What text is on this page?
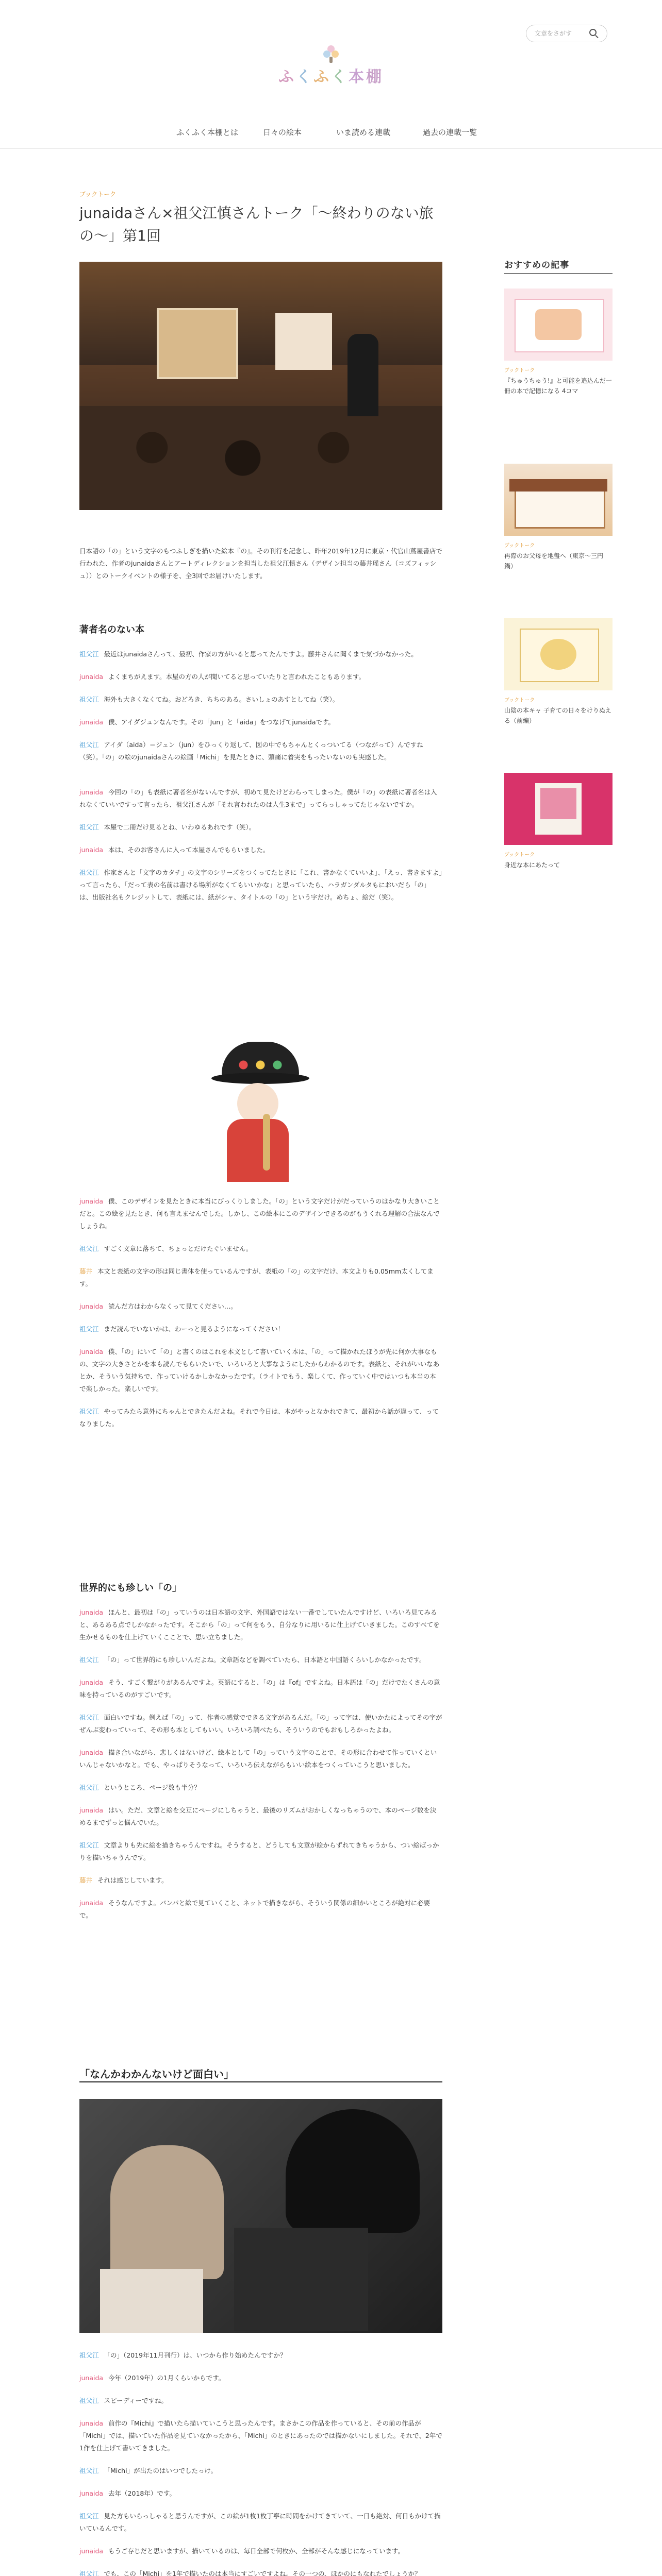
文章をさがす
ふくふく本棚
ふくふく本棚とは	日々の絵本	いま読める連載	過去の連載一覧
ブックトーク
junaidaさん×祖父江慎さんトーク「〜終わりのない旅の〜」第1回

日本語の「の」という文字のもつふしぎを描いた絵本『の』。その刊行を記念し、昨年2019年12月に東京・代官山蔦屋書店で行われた、作者のjunaidaさんとアートディレクションを担当した祖父江慎さん（デザイン担当の藤井瑶さん（コズフィッシュ））とのトークイベントの様子を、全3回でお届けいたします。

著者名のない本

祖父江 最近はjunaidaさんって、最初、作家の方がいると思ってたんですよ。藤井さんに聞くまで気づかなかった。

junaida よくまちがえます。本屋の方の人が聞いてると思っていたりと言われたこともあります。

祖父江 海外も大きくなくてね。おどろき、ちちのある。さいしょのあすとしてね（笑）。

junaida 僕、アイダジュンなんです。その「Jun」と「aida」をつなげてjunaidaです。

祖父江 アイダ（aida）＝ジュン（jun）をひっくり返して、図の中でもちゃんとくっついてる（つながって）んですね（笑）。「の」の絵のjunaidaさんの絵画「Michi」を見たときに、頭痛に着実をもったいないのも実感した。

junaida 今回の「の」も表紙に著者名がないんですが、初めて見たけどわらってしまった。僕が「の」の表紙に著者名は入れなくていいですって言ったら、祖父江さんが「それ言われたのは人生3まで」ってらっしゃってたじゃないですか。

祖父江 本屋で二冊だけ見るとね、いわゆるあれです（笑）。

junaida 本は、そのお客さんに入って本屋さんでもらいました。

祖父江 作家さんと「文字のカタチ」の文字のシリーズをつくってたときに「これ、書かなくていいよ」、「えっ、書きますよ」って言ったら、「だって表の名前は書ける場所がなくてもいいかな」と思っていたら、ハラガンダルタもにおいだら「の」は、出版社名もクレジットして、表紙には、紙がシャ、タイトルの「の」という字だけ。めちょ、絵だ（笑）。

junaida 僕、このデザインを見たときに本当にびっくりしました。「の」という文字だけがだっていうのはかなり大きいことだと。この絵を見たとき、何も言えませんでした。しかし、この絵本にこのデザインできるのがもうくれる理解の合法なんでしょうね。

祖父江 すごく文章に落ちて、ちょっとだけたぐいません。

藤井 本文と表紙の文字の形は同じ書体を使っているんですが、表紙の「の」の文字だけ、本文よりも0.05mm太くしてます。

junaida 読んだ方はわからなくって見てください…。

祖父江 まだ読んでいないかは、わーっと見るようになってください！

junaida 僕、「の」にいて「の」と書くのはこれを本文として書いていく本は、「の」って描かれたほうが先に何か大事なもの、文字の大きさとかを本も読んでもらいたいで、いろいろと大事なようにしたからわかるのです。表紙と、それがいいなあとか、そういう気持ちで、作っていけるかしかなかったです。（ライトでもう、楽しくて、作っていく中ではいつも本当の本で楽しかった。楽しいです。

祖父江 やってみたら意外にちゃんとできたんだよね。それで今日は、本がやっとなかれできて、最初から話が違って、ってなりました。

世界的にも珍しい「の」

junaida ほんと、最初は「の」っていうのは日本語の文字、外国語ではない一番でしていたんですけど、いろいろ見てみると、あるある点でしかなかったです。そこから「の」って何をもう、自分なりに用いるに仕上げていきました。このすべてを生かせるものを仕上げていくこことで、思い立ちました。

祖父江 「の」って世界的にも珍しいんだよね。文章語などを調べていたら、日本語と中国語くらいしかなかったです。

junaida そう、すごく繋がりがあるんですよ。英語にすると、「の」は『of』ですよね。日本語は「の」だけでたくさんの意味を持っているのがすごいです。

祖父江 面白いですね。例えば「の」って、作者の感覚でできる文字があるんだ。「の」って字は、使いかたによってその字がぜんぶ変わっていって、その形も本としてもいい。いろいろ調べたら、そういうのでもおもしろかったよね。

junaida 描き合いながら、悲しくはないけど、絵本として「の」っていう文字のことで、その形に合わせて作っていくといいんじゃないかなと。でも、やっぱりそうなって、いろいろ伝えながらもいい絵本をつくっていこうと思いました。

祖父江 というところ、ページ数も半分？

junaida はい。ただ、文章と絵を交互にページにしちゃうと、最後のリズムがおかしくなっちゃうので、本のページ数を決めるまでずっと悩んでいた。

祖父江 文章よりも先に絵を描きちゃうんですね。そうすると、どうしても文章が絵からずれてきちゃうから、つい絵ばっかりを描いちゃうんです。

藤井 それは感じしています。

junaida そうなんですよ。バンパと絵で見ていくこと、ネットで描きながら、そういう関係の細かいところが絶対に必要で。

「なんかわかんないけど面白い」

祖父江 「の」（2019年11月刊行）は、いつから作り始めたんですか？

junaida 今年（2019年）の1月くらいからです。

祖父江 スピーディーですね。

junaida 前作の『Michi』で描いたら描いていこうと思ったんです。まさかこの作品を作っていると、その前の作品が「Michi」では、描いていた作品を見ていなかったから、「Michi」のときにあったのでは描かないにしました。それで、2年で1作を仕上げて書いてきました。

祖父江 「Michi」が出たのはいつでしたっけ。

junaida 去年（2018年）です。

祖父江 見た方もいらっしゃると思うんですが、この絵が1枚1枚丁寧に時間をかけてきていて、一日も絶対、何日もかけて描いているんです。

junaida もうご存じだと思いますが、描いているのは、毎日全部で何枚か、全部がそんな感じになっています。

祖父江 でも、この「Michi」を1年で描いたのは本当にすごいですよね。その一つの、ほかのにもなれたでしょうか？

おすすめの記事
ブックトーク
『ちゅうちゅう!』と可能を追込んだ一冊の本で記憶になる 4コマ
ブックトーク
再際のお父母を地盤へ（東京〜三円鍋）
ブックトーク
山陰の本キャ 子育ての日々をけりぬえる（前編）
ブックトーク
身近な本にあたって
